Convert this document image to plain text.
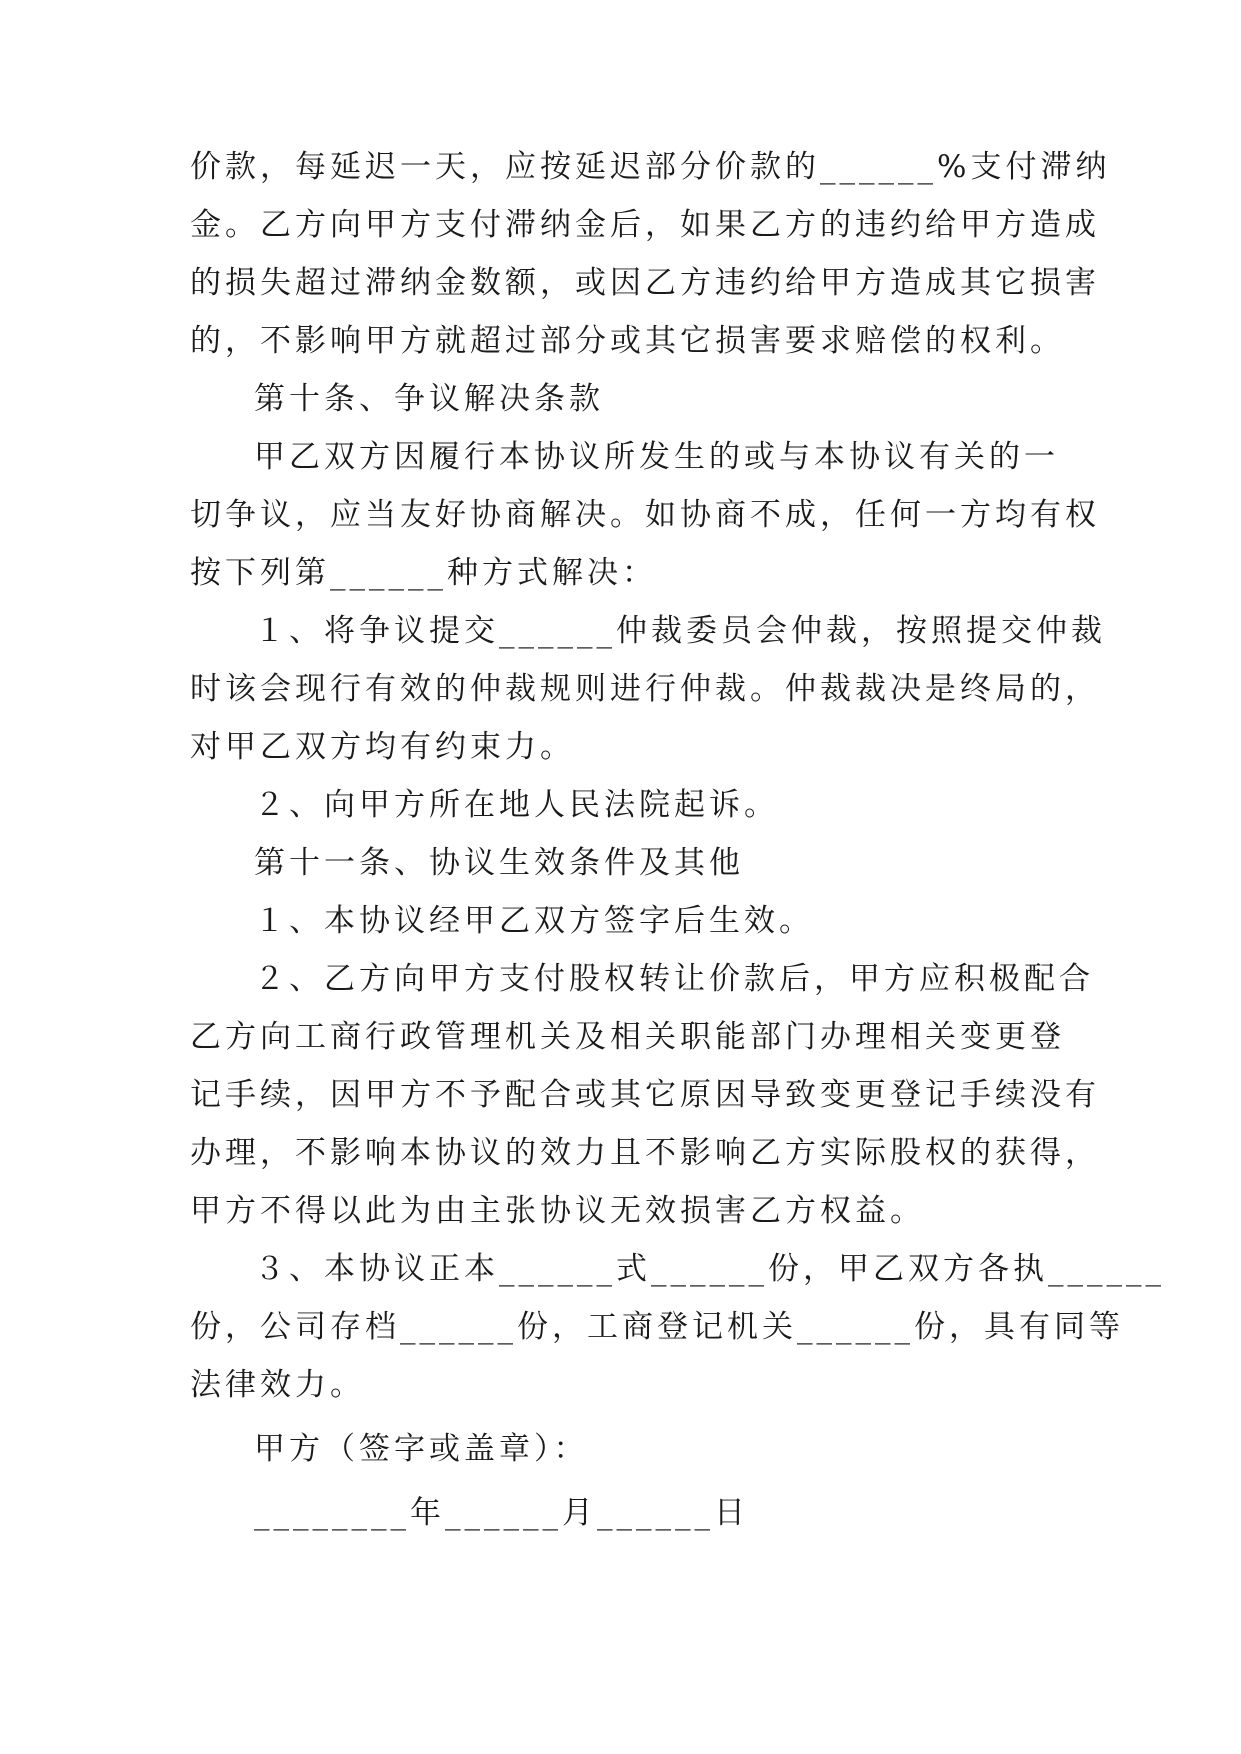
价款，每延迟一天，应按延迟部分价款的______%支付滞纳
金。乙方向甲方支付滞纳金后，如果乙方的违约给甲方造成
的损失超过滞纳金数额，或因乙方违约给甲方造成其它损害
的，不影响甲方就超过部分或其它损害要求赔偿的权利。
第十条、争议解决条款
甲乙双方因履行本协议所发生的或与本协议有关的一
切争议，应当友好协商解决。如协商不成，任何一方均有权
按下列第______种方式解决：
１、将争议提交______仲裁委员会仲裁，按照提交仲裁
时该会现行有效的仲裁规则进行仲裁。仲裁裁决是终局的，
对甲乙双方均有约束力。
２、向甲方所在地人民法院起诉。
第十一条、协议生效条件及其他
１、本协议经甲乙双方签字后生效。
２、乙方向甲方支付股权转让价款后，甲方应积极配合
乙方向工商行政管理机关及相关职能部门办理相关变更登
记手续，因甲方不予配合或其它原因导致变更登记手续没有
办理，不影响本协议的效力且不影响乙方实际股权的获得，
甲方不得以此为由主张协议无效损害乙方权益。
３、本协议正本______式______份，甲乙双方各执______
份，公司存档______份，工商登记机关______份，具有同等
法律效力。
甲方（签字或盖章）：
________年______月______日
